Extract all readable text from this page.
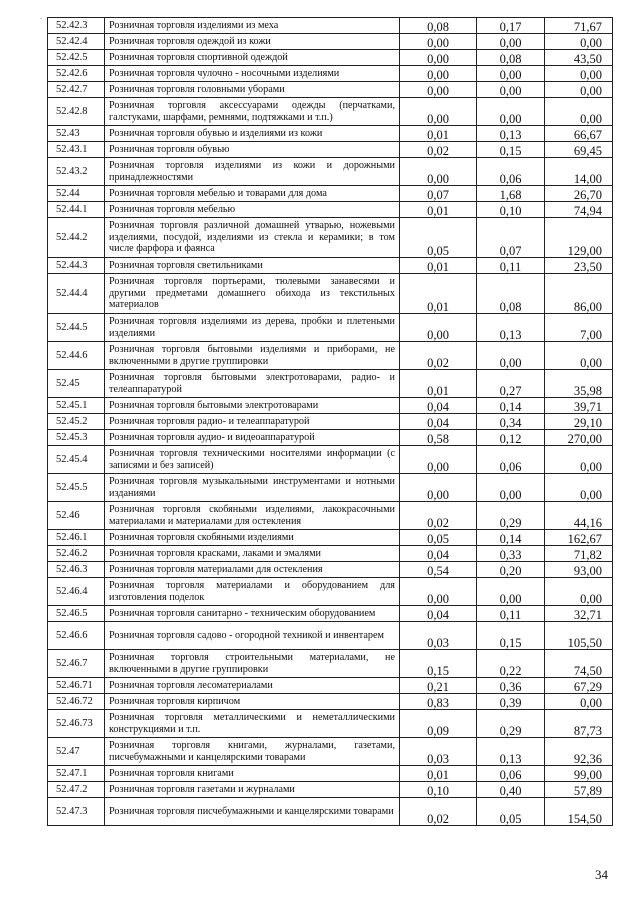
.
52.42.3	Розничная торговля изделиями из меха	0,08	0,17	71,67
52.42.4	Розничная торговля одеждой из кожи	0,00	0,00	0,00
52.42.5	Розничная торговля спортивной одеждой	0,00	0,08	43,50
52.42.6	Розничная торговля чулочно - носочными изделиями	0,00	0,00	0,00
52.42.7	Розничная торговля головными уборами	0,00	0,00	0,00
52.42.8	Розничная торговля аксессуарами одежды (перчатками, галстуками, шарфами, ремнями, подтяжками и т.п.)	0,00	0,00	0,00
52.43	Розничная торговля обувью и изделиями из кожи	0,01	0,13	66,67
52.43.1	Розничная торговля обувью	0,02	0,15	69,45
52.43.2	Розничная торговля изделиями из кожи и дорожными принадлежностями	0,00	0,06	14,00
52.44	Розничная торговля мебелью и товарами для дома	0,07	1,68	26,70
52.44.1	Розничная торговля мебелью	0,01	0,10	74,94
52.44.2	Розничная торговля различной домашней утварью, ножевыми изделиями, посудой, изделиями из стекла и керамики; в том числе фарфора и фаянса	0,05	0,07	129,00
52.44.3	Розничная торговля светильниками	0,01	0,11	23,50
52.44.4	Розничная торговля портьерами, тюлевыми занавесями и другими предметами домашнего обихода из текстильных материалов	0,01	0,08	86,00
52.44.5	Розничная торговля изделиями из дерева, пробки и плетеными изделиями	0,00	0,13	7,00
52.44.6	Розничная торговля бытовыми изделиями и приборами, не включенными в другие группировки	0,02	0,00	0,00
52.45	Розничная торговля бытовыми электротоварами, радио- и телеаппаратурой	0,01	0,27	35,98
52.45.1	Розничная торговля бытовыми электротоварами	0,04	0,14	39,71
52.45.2	Розничная торговля радио- и телеаппаратурой	0,04	0,34	29,10
52.45.3	Розничная торговля аудио- и видеоаппаратурой	0,58	0,12	270,00
52.45.4	Розничная торговля техническими носителями информации (с записями и без записей)	0,00	0,06	0,00
52.45.5	Розничная торговля музыкальными инструментами и нотными изданиями	0,00	0,00	0,00
52.46	Розничная торговля скобяными изделиями, лакокрасочными материалами и материалами для остекления	0,02	0,29	44,16
52.46.1	Розничная торговля скобяными изделиями	0,05	0,14	162,67
52.46.2	Розничная торговля красками, лаками и эмалями	0,04	0,33	71,82
52.46.3	Розничная торговля материалами для остекления	0,54	0,20	93,00
52.46.4	Розничная торговля материалами и оборудованием для изготовления поделок	0,00	0,00	0,00
52.46.5	Розничная торговля санитарно - техническим оборудованием	0,04	0,11	32,71
52.46.6	Розничная торговля садово - огородной техникой и инвентарем	0,03	0,15	105,50
52.46.7	Розничная торговля строительными материалами, не включенными в другие группировки	0,15	0,22	74,50
52.46.71	Розничная торговля лесоматериалами	0,21	0,36	67,29
52.46.72	Розничная торговля кирпичом	0,83	0,39	0,00
52.46.73	Розничная торговля металлическими и неметаллическими конструкциями и т.п.	0,09	0,29	87,73
52.47	Розничная торговля книгами, журналами, газетами, писчебумажными и канцелярскими товарами	0,03	0,13	92,36
52.47.1	Розничная торговля книгами	0,01	0,06	99,00
52.47.2	Розничная торговля газетами и журналами	0,10	0,40	57,89
52.47.3	Розничная торговля писчебумажными и канцелярскими товарами	0,02	0,05	154,50
34
